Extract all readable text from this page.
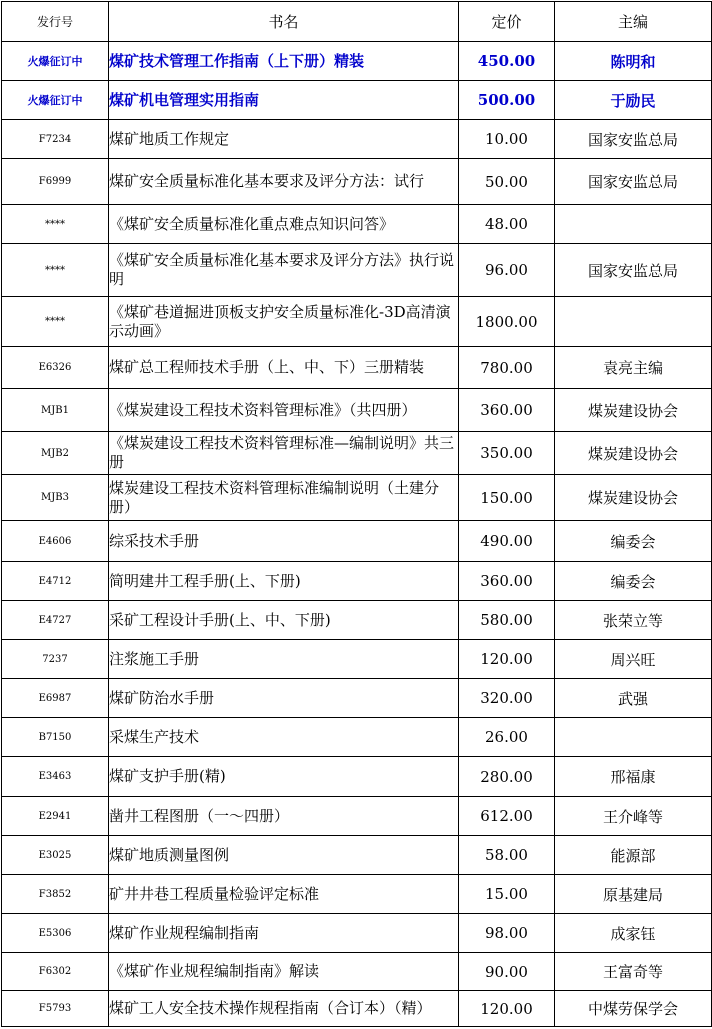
发行号	书名	定价	主编
火爆征订中	煤矿技术管理工作指南（上下册）精装	450.00	陈明和
火爆征订中	煤矿机电管理实用指南	500.00	于励民
F7234	煤矿地质工作规定	10.00	国家安监总局
F6999	煤矿安全质量标准化基本要求及评分方法：试行	50.00	国家安监总局
****	《煤矿安全质量标准化重点难点知识问答》	48.00	
****	《煤矿安全质量标准化基本要求及评分方法》执行说明	96.00	国家安监总局
****	《煤矿巷道掘进顶板支护安全质量标准化-3D高清演示动画》	1800.00	
E6326	煤矿总工程师技术手册（上、中、下）三册精装	780.00	袁亮主编
MJB1	《煤炭建设工程技术资料管理标准》（共四册）	360.00	煤炭建设协会
MJB2	《煤炭建设工程技术资料管理标准—编制说明》共三册	350.00	煤炭建设协会
MJB3	煤炭建设工程技术资料管理标准编制说明（土建分册）	150.00	煤炭建设协会
E4606	综采技术手册	490.00	编委会
E4712	简明建井工程手册(上、下册)	360.00	编委会
E4727	采矿工程设计手册(上、中、下册)	580.00	张荣立等
7237	注浆施工手册	120.00	周兴旺
E6987	煤矿防治水手册	320.00	武强
B7150	采煤生产技术	26.00	
E3463	煤矿支护手册(精)	280.00	邢福康
E2941	凿井工程图册（一～四册）	612.00	王介峰等
E3025	煤矿地质测量图例	58.00	能源部
F3852	矿井井巷工程质量检验评定标准	15.00	原基建局
E5306	煤矿作业规程编制指南	98.00	成家钰
F6302	《煤矿作业规程编制指南》解读	90.00	王富奇等
F5793	煤矿工人安全技术操作规程指南（合订本）（精）	120.00	中煤劳保学会
